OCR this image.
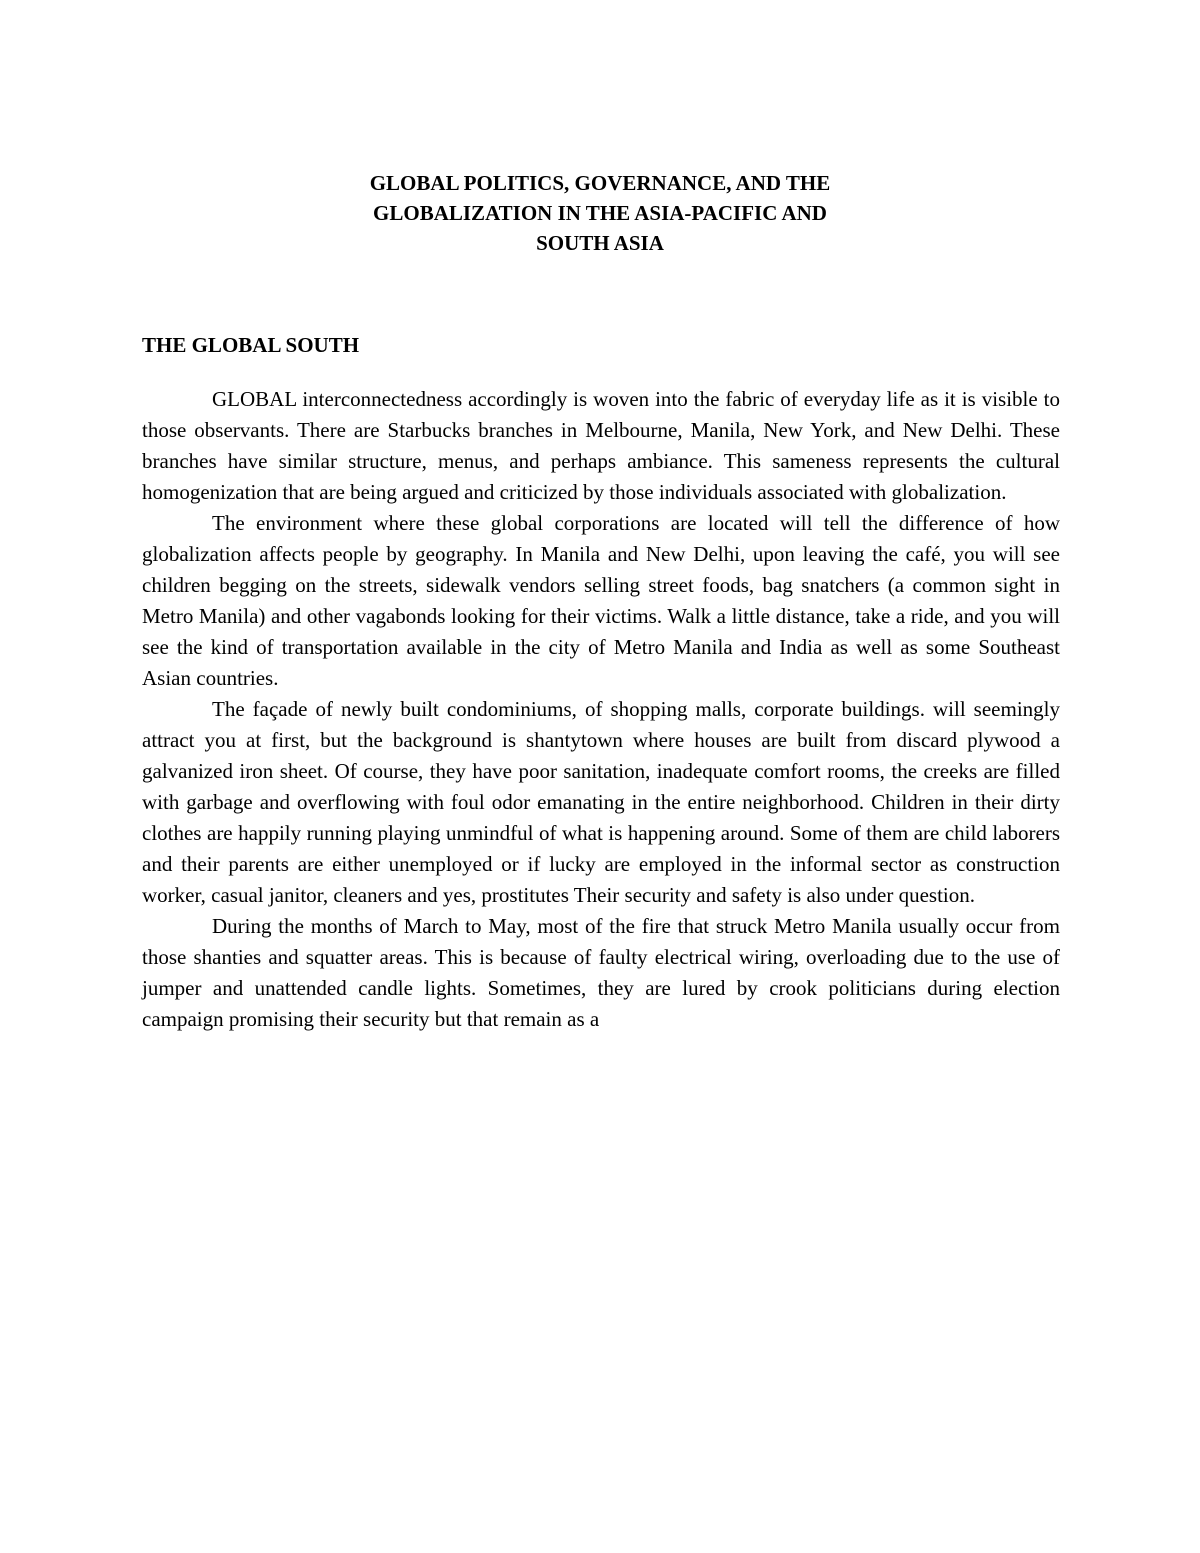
GLOBAL POLITICS, GOVERNANCE, AND THE
GLOBALIZATION IN THE ASIA-PACIFIC AND
SOUTH ASIA
THE GLOBAL SOUTH

GLOBAL interconnectedness accordingly is woven into the fabric of everyday life as it is visible to those observants. There are Starbucks branches in Melbourne, Manila, New York, and New Delhi. These branches have similar structure, menus, and perhaps ambiance. This sameness represents the cultural homogenization that are being argued and criticized by those individuals associated with globalization.

The environment where these global corporations are located will tell the difference of how globalization affects people by geography. In Manila and New Delhi, upon leaving the café, you will see children begging on the streets, sidewalk vendors selling street foods, bag snatchers (a common sight in Metro Manila) and other vagabonds looking for their victims. Walk a little distance, take a ride, and you will see the kind of transportation available in the city of Metro Manila and India as well as some Southeast Asian countries.

The façade of newly built condominiums, of shopping malls, corporate buildings. will seemingly attract you at first, but the background is shantytown where houses are built from discard plywood a galvanized iron sheet. Of course, they have poor sanitation, inadequate comfort rooms, the creeks are filled with garbage and overflowing with foul odor emanating in the entire neighborhood. Children in their dirty clothes are happily running playing unmindful of what is happening around. Some of them are child laborers and their parents are either unemployed or if lucky are employed in the informal sector as construction worker, casual janitor, cleaners and yes, prostitutes Their security and safety is also under question.

During the months of March to May, most of the fire that struck Metro Manila usually occur from those shanties and squatter areas. This is because of faulty electrical wiring, overloading due to the use of jumper and unattended candle lights. Sometimes, they are lured by crook politicians during election campaign promising their security but that remain as a
